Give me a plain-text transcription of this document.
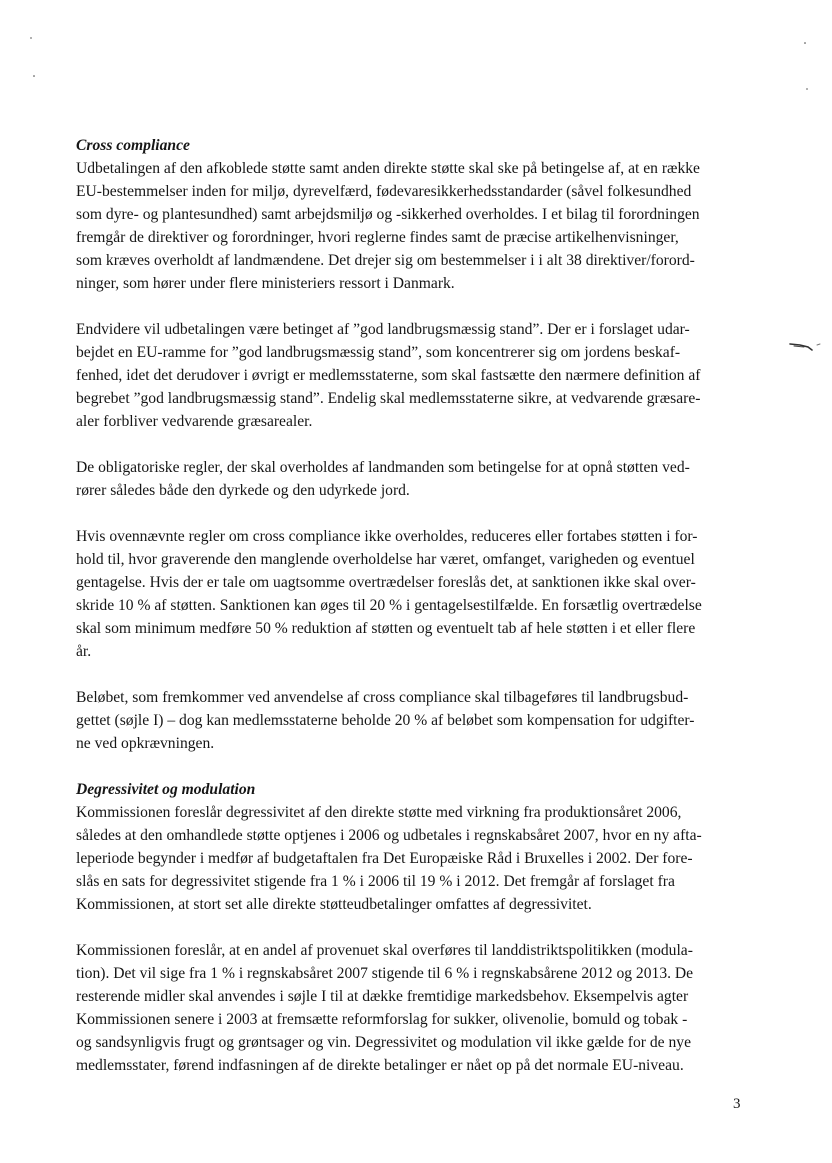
Cross compliance

Udbetalingen af den afkoblede støtte samt anden direkte støtte skal ske på betingelse af, at en række
EU-bestemmelser inden for miljø, dyrevelfærd, fødevaresikkerhedsstandarder (såvel folkesundhed
som dyre- og plantesundhed) samt arbejdsmiljø og -sikkerhed overholdes. I et bilag til forordningen
fremgår de direktiver og forordninger, hvori reglerne findes samt de præcise artikelhenvisninger,
som kræves overholdt af landmændene. Det drejer sig om bestemmelser i i alt 38 direktiver/forord-
ninger, som hører under flere ministeriers ressort i Danmark.

Endvidere vil udbetalingen være betinget af ”god landbrugsmæssig stand”. Der er i forslaget udar-
bejdet en EU-ramme for ”god landbrugsmæssig stand”, som koncentrerer sig om jordens beskaf-
fenhed, idet det derudover i øvrigt er medlemsstaterne, som skal fastsætte den nærmere definition af
begrebet ”god landbrugsmæssig stand”. Endelig skal medlemsstaterne sikre, at vedvarende græsare-
aler forbliver vedvarende græsarealer.

De obligatoriske regler, der skal overholdes af landmanden som betingelse for at opnå støtten ved-
rører således både den dyrkede og den udyrkede jord.

Hvis ovennævnte regler om cross compliance ikke overholdes, reduceres eller fortabes støtten i for-
hold til, hvor graverende den manglende overholdelse har været, omfanget, varigheden og eventuel
gentagelse. Hvis der er tale om uagtsomme overtrædelser foreslås det, at sanktionen ikke skal over-
skride 10 % af støtten. Sanktionen kan øges til 20 % i gentagelsestilfælde. En forsætlig overtrædelse
skal som minimum medføre 50 % reduktion af støtten og eventuelt tab af hele støtten i et eller flere
år.

Beløbet, som fremkommer ved anvendelse af cross compliance skal tilbageføres til landbrugsbud-
gettet (søjle I) – dog kan medlemsstaterne beholde 20 % af beløbet som kompensation for udgifter-
ne ved opkrævningen.

Degressivitet og modulation

Kommissionen foreslår degressivitet af den direkte støtte med virkning fra produktionsåret 2006,
således at den omhandlede støtte optjenes i 2006 og udbetales i regnskabsåret 2007, hvor en ny afta-
leperiode begynder i medfør af budgetaftalen fra Det Europæiske Råd i Bruxelles i 2002. Der fore-
slås en sats for degressivitet stigende fra 1 % i 2006 til 19 % i 2012. Det fremgår af forslaget fra
Kommissionen, at stort set alle direkte støtteudbetalinger omfattes af degressivitet.

Kommissionen foreslår, at en andel af provenuet skal overføres til landdistriktspolitikken (modula-
tion). Det vil sige fra 1 % i regnskabsåret 2007 stigende til 6 % i regnskabsårene 2012 og 2013. De
resterende midler skal anvendes i søjle I til at dække fremtidige markedsbehov. Eksempelvis agter
Kommissionen senere i 2003 at fremsætte reformforslag for sukker, olivenolie, bomuld og tobak -
og sandsynligvis frugt og grøntsager og vin. Degressivitet og modulation vil ikke gælde for de nye
medlemsstater, førend indfasningen af de direkte betalinger er nået op på det normale EU-niveau.

3
